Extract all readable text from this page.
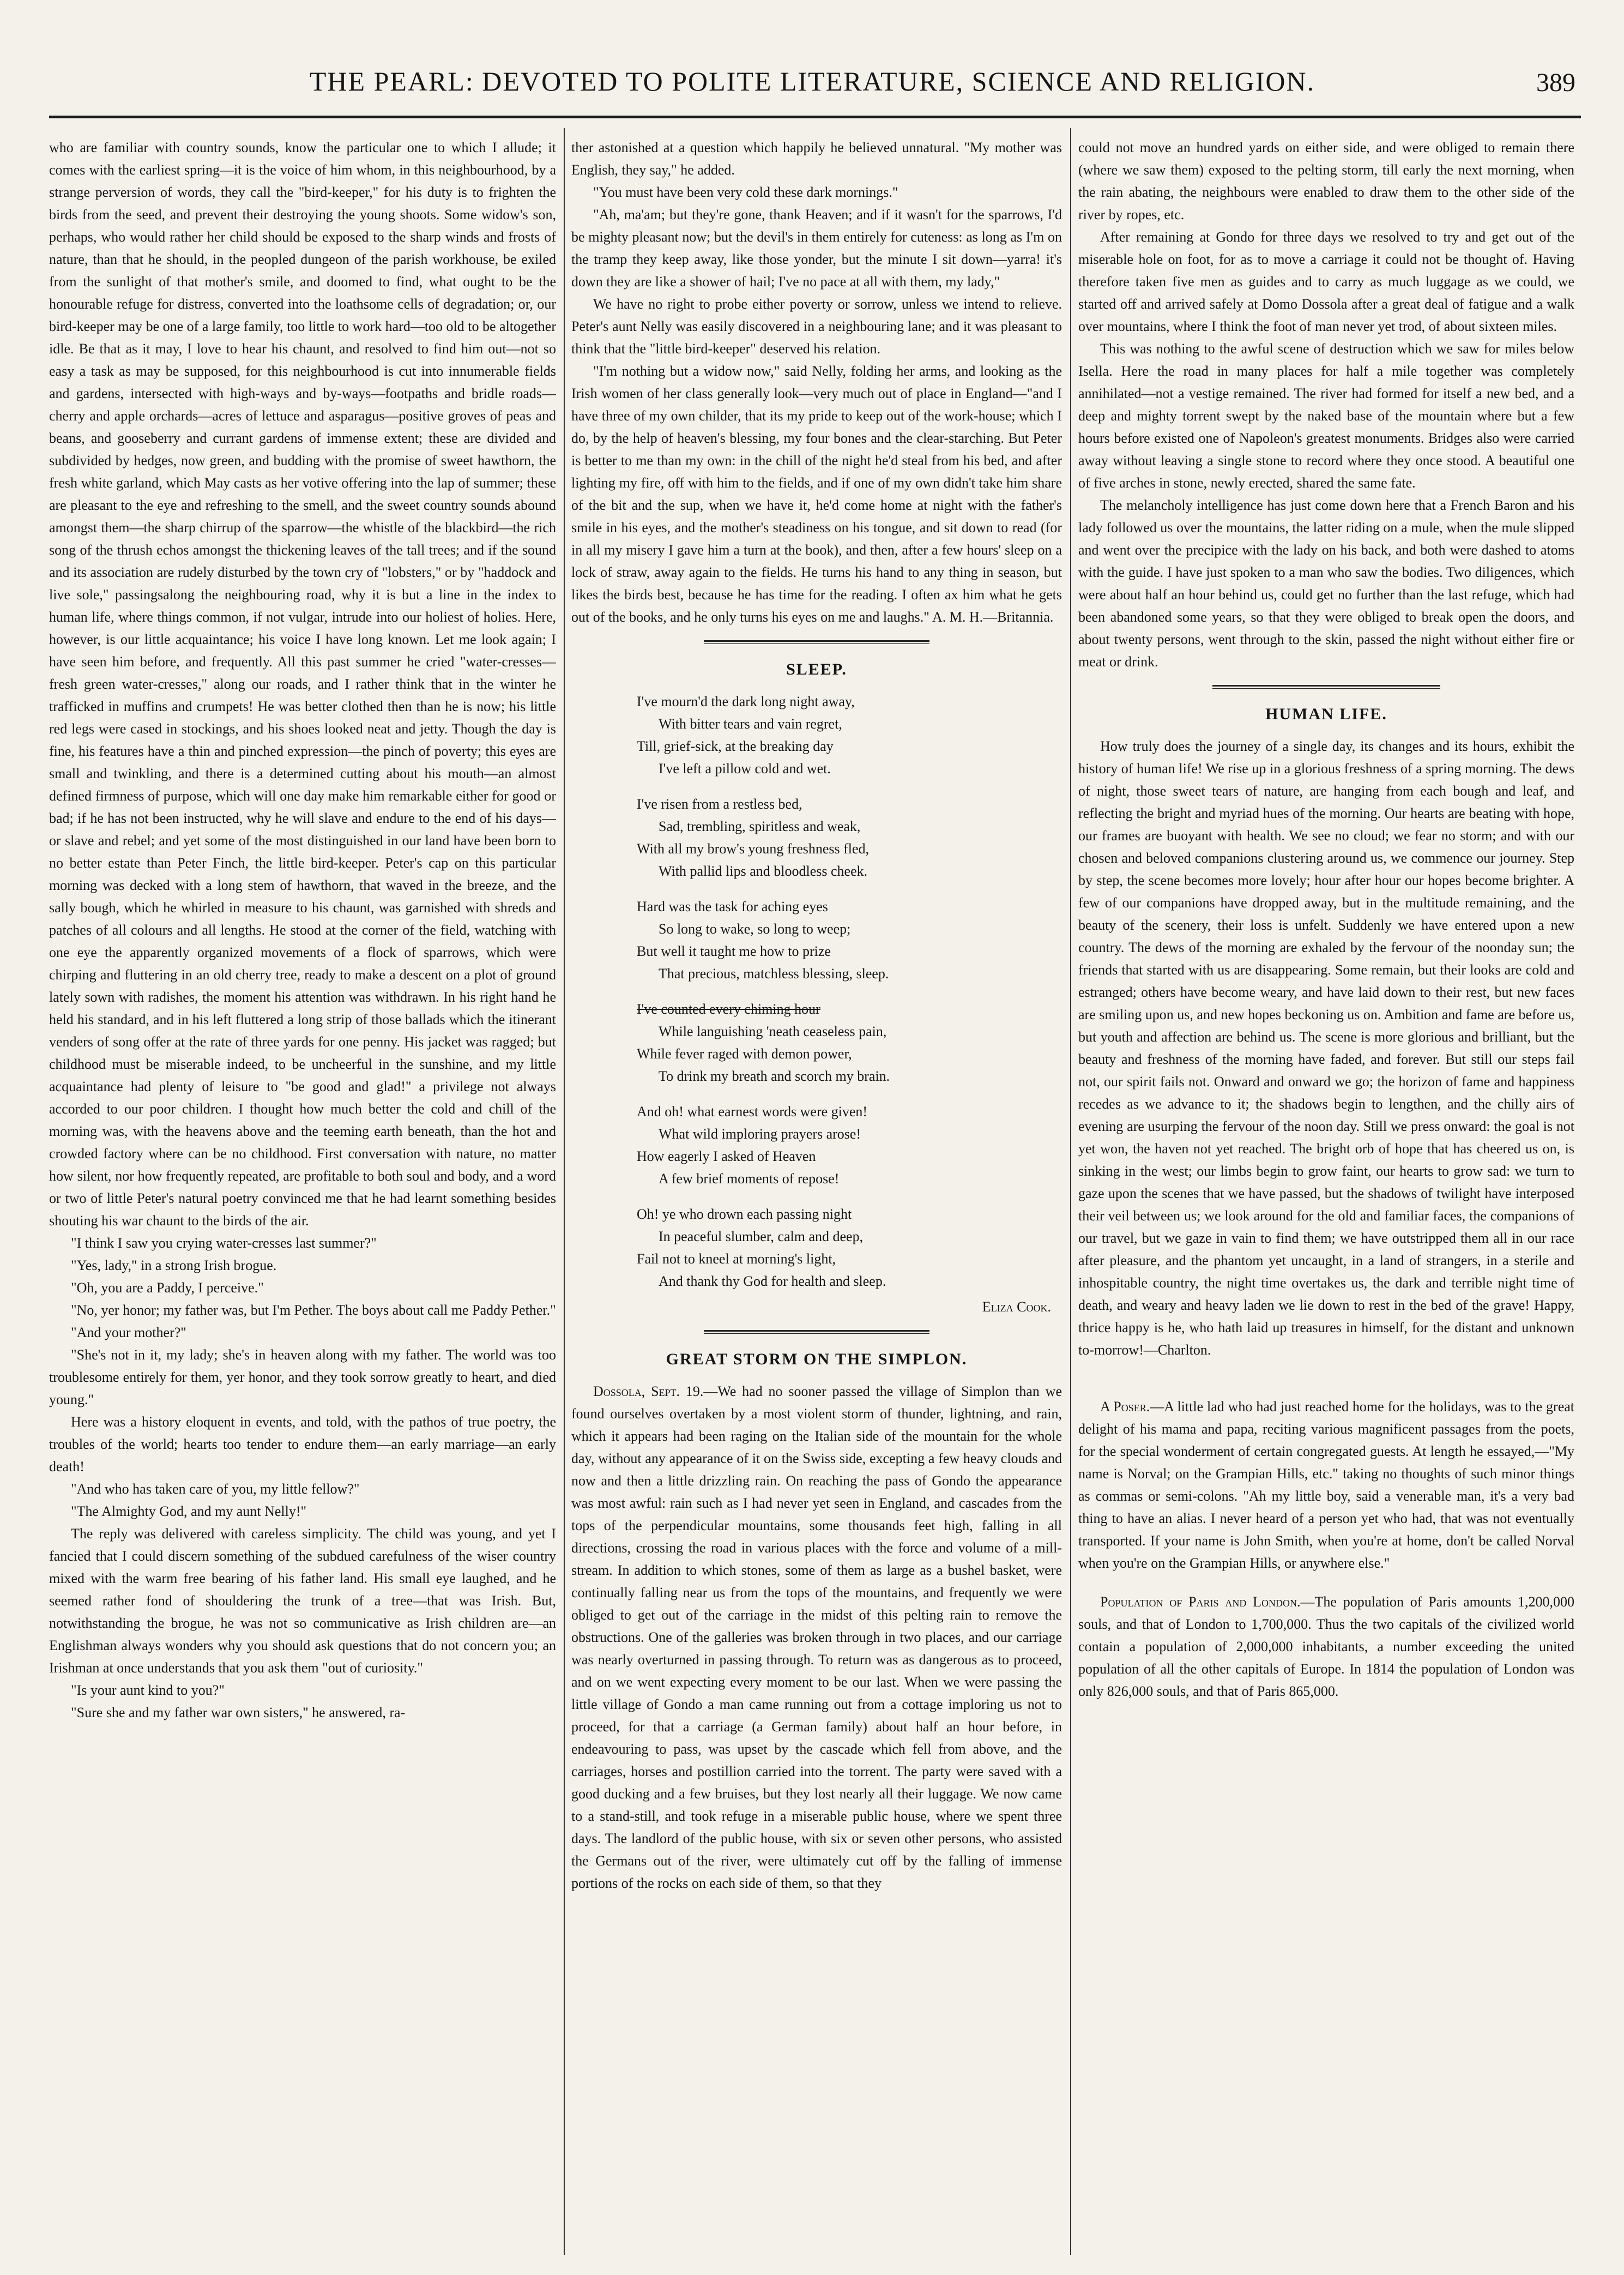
THE PEARL: DEVOTED TO POLITE LITERATURE, SCIENCE AND RELIGION.	389

who are familiar with country sounds, know the particular one to which I allude; it comes with the earliest spring—it is the voice of him whom, in this neighbourhood, by a strange perversion of words, they call the "bird-keeper," for his duty is to frighten the birds from the seed, and prevent their destroying the young shoots. Some widow's son, perhaps, who would rather her child should be exposed to the sharp winds and frosts of nature, than that he should, in the peopled dungeon of the parish workhouse, be exiled from the sunlight of that mother's smile, and doomed to find, what ought to be the honourable refuge for distress, converted into the loathsome cells of degradation; or, our bird-keeper may be one of a large family, too little to work hard—too old to be altogether idle. Be that as it may, I love to hear his chaunt, and resolved to find him out—not so easy a task as may be supposed, for this neighbourhood is cut into innumerable fields and gardens, intersected with high-ways and by-ways—footpaths and bridle roads—cherry and apple orchards—acres of lettuce and asparagus—positive groves of peas and beans, and gooseberry and currant gardens of immense extent; these are divided and subdivided by hedges, now green, and budding with the promise of sweet hawthorn, the fresh white garland, which May casts as her votive offering into the lap of summer; these are pleasant to the eye and refreshing to the smell, and the sweet country sounds abound amongst them—the sharp chirrup of the sparrow—the whistle of the blackbird—the rich song of the thrush echos amongst the thickening leaves of the tall trees; and if the sound and its association are rudely disturbed by the town cry of "lobsters," or by "haddock and live sole," passingsalong the neighbouring road, why it is but a line in the index to human life, where things common, if not vulgar, intrude into our holiest of holies. Here, however, is our little acquaintance; his voice I have long known. Let me look again; I have seen him before, and frequently. All this past summer he cried "water-cresses—fresh green water-cresses," along our roads, and I rather think that in the winter he trafficked in muffins and crumpets! He was better clothed then than he is now; his little red legs were cased in stockings, and his shoes looked neat and jetty. Though the day is fine, his features have a thin and pinched expression—the pinch of poverty; this eyes are small and twinkling, and there is a determined cutting about his mouth—an almost defined firmness of purpose, which will one day make him remarkable either for good or bad; if he has not been instructed, why he will slave and endure to the end of his days—or slave and rebel; and yet some of the most distinguished in our land have been born to no better estate than Peter Finch, the little bird-keeper. Peter's cap on this particular morning was decked with a long stem of hawthorn, that waved in the breeze, and the sally bough, which he whirled in measure to his chaunt, was garnished with shreds and patches of all colours and all lengths. He stood at the corner of the field, watching with one eye the apparently organized movements of a flock of sparrows, which were chirping and fluttering in an old cherry tree, ready to make a descent on a plot of ground lately sown with radishes, the moment his attention was withdrawn. In his right hand he held his standard, and in his left fluttered a long strip of those ballads which the itinerant venders of song offer at the rate of three yards for one penny. His jacket was ragged; but childhood must be miserable indeed, to be uncheerful in the sunshine, and my little acquaintance had plenty of leisure to "be good and glad!" a privilege not always accorded to our poor children. I thought how much better the cold and chill of the morning was, with the heavens above and the teeming earth beneath, than the hot and crowded factory where can be no childhood. First conversation with nature, no matter how silent, nor how frequently repeated, are profitable to both soul and body, and a word or two of little Peter's natural poetry convinced me that he had learnt something besides shouting his war chaunt to the birds of the air.

"I think I saw you crying water-cresses last summer?"

"Yes, lady," in a strong Irish brogue.

"Oh, you are a Paddy, I perceive."

"No, yer honor; my father was, but I'm Pether. The boys about call me Paddy Pether."

"And your mother?"

"She's not in it, my lady; she's in heaven along with my father. The world was too troublesome entirely for them, yer honor, and they took sorrow greatly to heart, and died young."

Here was a history eloquent in events, and told, with the pathos of true poetry, the troubles of the world; hearts too tender to endure them—an early marriage—an early death!

"And who has taken care of you, my little fellow?"

"The Almighty God, and my aunt Nelly!"

The reply was delivered with careless simplicity. The child was young, and yet I fancied that I could discern something of the subdued carefulness of the wiser country mixed with the warm free bearing of his father land. His small eye laughed, and he seemed rather fond of shouldering the trunk of a tree—that was Irish. But, notwithstanding the brogue, he was not so communicative as Irish children are—an Englishman always wonders why you should ask questions that do not concern you; an Irishman at once understands that you ask them "out of curiosity."

"Is your aunt kind to you?"

"Sure she and my father war own sisters," he answered, ra-

ther astonished at a question which happily he believed unnatural. "My mother was English, they say," he added.

"You must have been very cold these dark mornings."

"Ah, ma'am; but they're gone, thank Heaven; and if it wasn't for the sparrows, I'd be mighty pleasant now; but the devil's in them entirely for cuteness: as long as I'm on the tramp they keep away, like those yonder, but the minute I sit down—yarra! it's down they are like a shower of hail; I've no pace at all with them, my lady,"

We have no right to probe either poverty or sorrow, unless we intend to relieve. Peter's aunt Nelly was easily discovered in a neighbouring lane; and it was pleasant to think that the "little bird-keeper" deserved his relation.

"I'm nothing but a widow now," said Nelly, folding her arms, and looking as the Irish women of her class generally look—very much out of place in England—"and I have three of my own childer, that its my pride to keep out of the work-house; which I do, by the help of heaven's blessing, my four bones and the clear-starching. But Peter is better to me than my own: in the chill of the night he'd steal from his bed, and after lighting my fire, off with him to the fields, and if one of my own didn't take him share of the bit and the sup, when we have it, he'd come home at night with the father's smile in his eyes, and the mother's steadiness on his tongue, and sit down to read (for in all my misery I gave him a turn at the book), and then, after a few hours' sleep on a lock of straw, away again to the fields. He turns his hand to any thing in season, but likes the birds best, because he has time for the reading. I often ax him what he gets out of the books, and he only turns his eyes on me and laughs." A. M. H.—Britannia.

SLEEP.
I've mourn'd the dark long night away,
With bitter tears and vain regret,
Till, grief-sick, at the breaking day
I've left a pillow cold and wet.
I've risen from a restless bed,
Sad, trembling, spiritless and weak,
With all my brow's young freshness fled,
With pallid lips and bloodless cheek.
Hard was the task for aching eyes
So long to wake, so long to weep;
But well it taught me how to prize
That precious, matchless blessing, sleep.
I've counted every chiming hour
While languishing 'neath ceaseless pain,
While fever raged with demon power,
To drink my breath and scorch my brain.
And oh! what earnest words were given!
What wild imploring prayers arose!
How eagerly I asked of Heaven
A few brief moments of repose!
Oh! ye who drown each passing night
In peaceful slumber, calm and deep,
Fail not to kneel at morning's light,
And thank thy God for health and sleep.
Eliza Cook.
GREAT STORM ON THE SIMPLON.

Dossola, Sept. 19.—We had no sooner passed the village of Simplon than we found ourselves overtaken by a most violent storm of thunder, lightning, and rain, which it appears had been raging on the Italian side of the mountain for the whole day, without any appearance of it on the Swiss side, excepting a few heavy clouds and now and then a little drizzling rain. On reaching the pass of Gondo the appearance was most awful: rain such as I had never yet seen in England, and cascades from the tops of the perpendicular mountains, some thousands feet high, falling in all directions, crossing the road in various places with the force and volume of a mill-stream. In addition to which stones, some of them as large as a bushel basket, were continually falling near us from the tops of the mountains, and frequently we were obliged to get out of the carriage in the midst of this pelting rain to remove the obstructions. One of the galleries was broken through in two places, and our carriage was nearly overturned in passing through. To return was as dangerous as to proceed, and on we went expecting every moment to be our last. When we were passing the little village of Gondo a man came running out from a cottage imploring us not to proceed, for that a carriage (a German family) about half an hour before, in endeavouring to pass, was upset by the cascade which fell from above, and the carriages, horses and postillion carried into the torrent. The party were saved with a good ducking and a few bruises, but they lost nearly all their luggage. We now came to a stand-still, and took refuge in a miserable public house, where we spent three days. The landlord of the public house, with six or seven other persons, who assisted the Germans out of the river, were ultimately cut off by the falling of immense portions of the rocks on each side of them, so that they

could not move an hundred yards on either side, and were obliged to remain there (where we saw them) exposed to the pelting storm, till early the next morning, when the rain abating, the neighbours were enabled to draw them to the other side of the river by ropes, etc.

After remaining at Gondo for three days we resolved to try and get out of the miserable hole on foot, for as to move a carriage it could not be thought of. Having therefore taken five men as guides and to carry as much luggage as we could, we started off and arrived safely at Domo Dossola after a great deal of fatigue and a walk over mountains, where I think the foot of man never yet trod, of about sixteen miles.

This was nothing to the awful scene of destruction which we saw for miles below Isella. Here the road in many places for half a mile together was completely annihilated—not a vestige remained. The river had formed for itself a new bed, and a deep and mighty torrent swept by the naked base of the mountain where but a few hours before existed one of Napoleon's greatest monuments. Bridges also were carried away without leaving a single stone to record where they once stood. A beautiful one of five arches in stone, newly erected, shared the same fate.

The melancholy intelligence has just come down here that a French Baron and his lady followed us over the mountains, the latter riding on a mule, when the mule slipped and went over the precipice with the lady on his back, and both were dashed to atoms with the guide. I have just spoken to a man who saw the bodies. Two diligences, which were about half an hour behind us, could get no further than the last refuge, which had been abandoned some years, so that they were obliged to break open the doors, and about twenty persons, went through to the skin, passed the night without either fire or meat or drink.

HUMAN LIFE.

How truly does the journey of a single day, its changes and its hours, exhibit the history of human life! We rise up in a glorious freshness of a spring morning. The dews of night, those sweet tears of nature, are hanging from each bough and leaf, and reflecting the bright and myriad hues of the morning. Our hearts are beating with hope, our frames are buoyant with health. We see no cloud; we fear no storm; and with our chosen and beloved companions clustering around us, we commence our journey. Step by step, the scene becomes more lovely; hour after hour our hopes become brighter. A few of our companions have dropped away, but in the multitude remaining, and the beauty of the scenery, their loss is unfelt. Suddenly we have entered upon a new country. The dews of the morning are exhaled by the fervour of the noonday sun; the friends that started with us are disappearing. Some remain, but their looks are cold and estranged; others have become weary, and have laid down to their rest, but new faces are smiling upon us, and new hopes beckoning us on. Ambition and fame are before us, but youth and affection are behind us. The scene is more glorious and brilliant, but the beauty and freshness of the morning have faded, and forever. But still our steps fail not, our spirit fails not. Onward and onward we go; the horizon of fame and happiness recedes as we advance to it; the shadows begin to lengthen, and the chilly airs of evening are usurping the fervour of the noon day. Still we press onward: the goal is not yet won, the haven not yet reached. The bright orb of hope that has cheered us on, is sinking in the west; our limbs begin to grow faint, our hearts to grow sad: we turn to gaze upon the scenes that we have passed, but the shadows of twilight have interposed their veil between us; we look around for the old and familiar faces, the companions of our travel, but we gaze in vain to find them; we have outstripped them all in our race after pleasure, and the phantom yet uncaught, in a land of strangers, in a sterile and inhospitable country, the night time overtakes us, the dark and terrible night time of death, and weary and heavy laden we lie down to rest in the bed of the grave! Happy, thrice happy is he, who hath laid up treasures in himself, for the distant and unknown to-morrow!—Charlton.

A Poser.—A little lad who had just reached home for the holidays, was to the great delight of his mama and papa, reciting various magnificent passages from the poets, for the special wonderment of certain congregated guests. At length he essayed,—"My name is Norval; on the Grampian Hills, etc." taking no thoughts of such minor things as commas or semi-colons. "Ah my little boy, said a venerable man, it's a very bad thing to have an alias. I never heard of a person yet who had, that was not eventually transported. If your name is John Smith, when you're at home, don't be called Norval when you're on the Grampian Hills, or anywhere else."

Population of Paris and London.—The population of Paris amounts 1,200,000 souls, and that of London to 1,700,000. Thus the two capitals of the civilized world contain a population of 2,000,000 inhabitants, a number exceeding the united population of all the other capitals of Europe. In 1814 the population of London was only 826,000 souls, and that of Paris 865,000.
